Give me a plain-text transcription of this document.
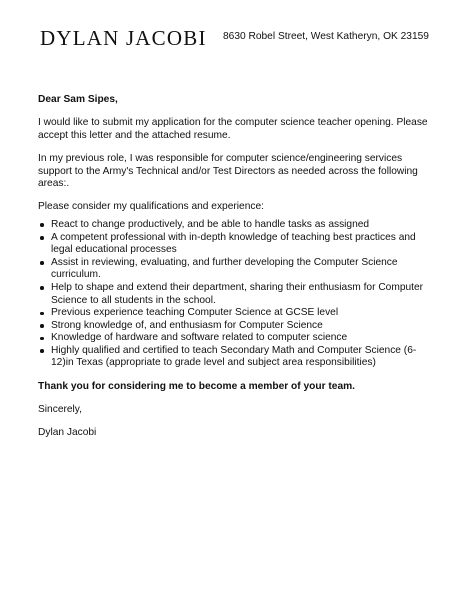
DYLAN JACOBI 8630 Robel Street, West Katheryn, OK 23159

Dear Sam Sipes,

I would like to submit my application for the computer science teacher opening. Please accept this letter and the attached resume.

In my previous role, I was responsible for computer science/engineering services support to the Army's Technical and/or Test Directors as needed across the following areas:.

Please consider my qualifications and experience:

React to change productively, and be able to handle tasks as assigned
A competent professional with in-depth knowledge of teaching best practices and legal educational processes
Assist in reviewing, evaluating, and further developing the Computer Science curriculum.
Help to shape and extend their department, sharing their enthusiasm for Computer Science to all students in the school.
Previous experience teaching Computer Science at GCSE level
Strong knowledge of, and enthusiasm for Computer Science
Knowledge of hardware and software related to computer science
Highly qualified and certified to teach Secondary Math and Computer Science (6-12)in Texas (appropriate to grade level and subject area responsibilities)

Thank you for considering me to become a member of your team.

Sincerely,

Dylan Jacobi
